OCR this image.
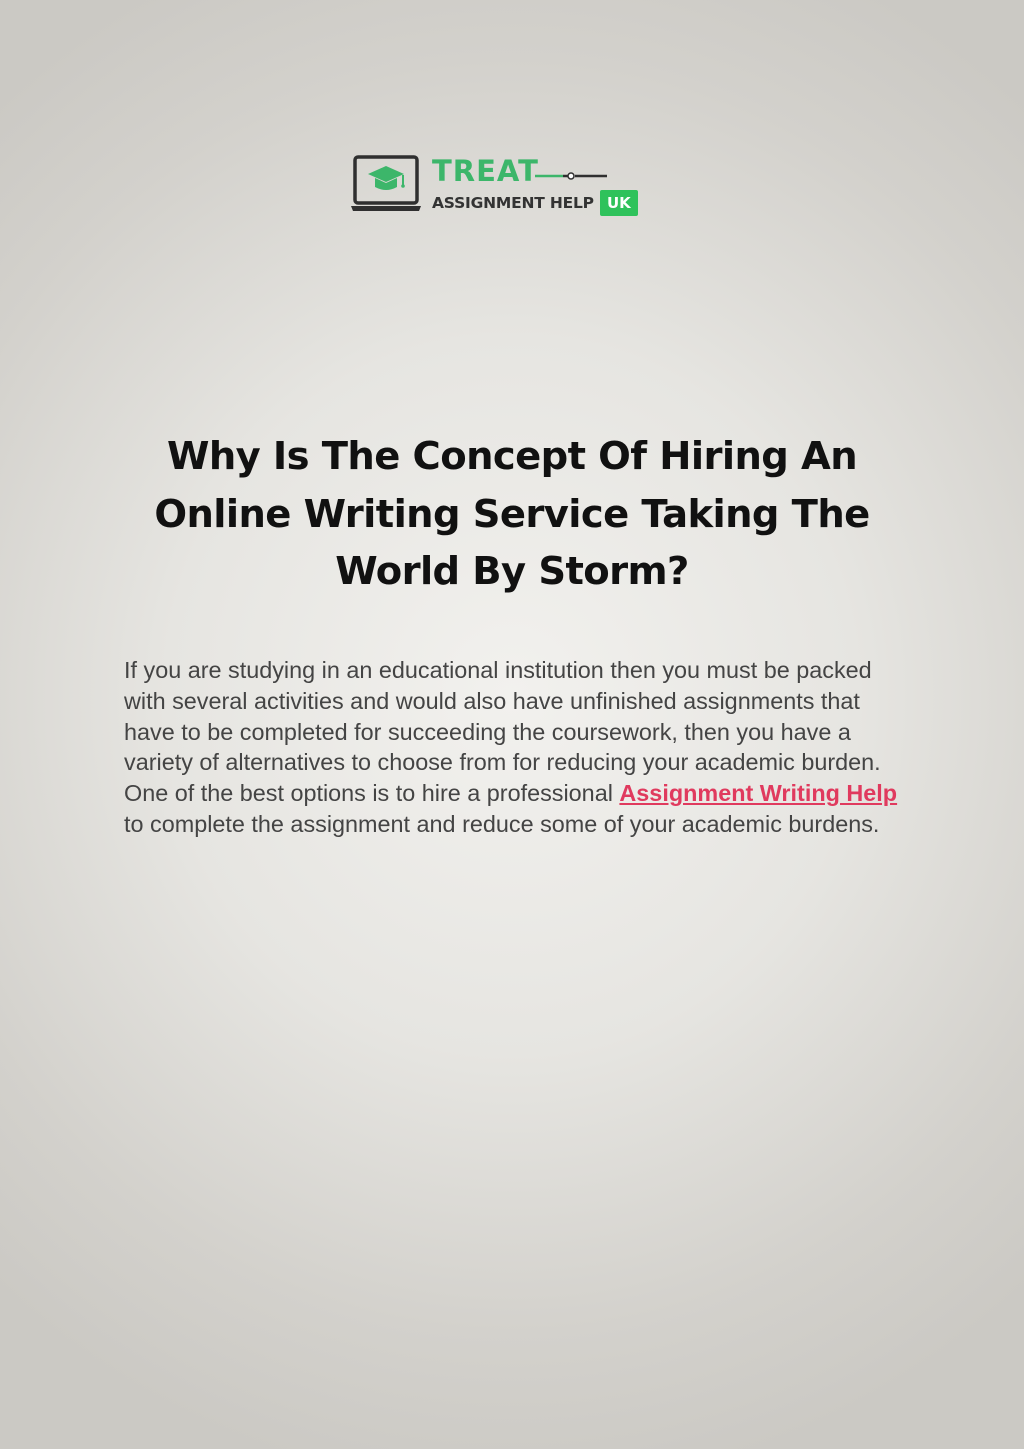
TREAT
ASSIGNMENT HELP UK
Why Is The Concept Of Hiring An
Online Writing Service Taking The
World By Storm?

If you are studying in an educational institution then you must be packed with several activities and would also have unfinished assignments that have to be completed for succeeding the coursework, then you have a variety of alternatives to choose from for reducing your academic burden. One of the best options is to hire a professional Assignment Writing Help to complete the assignment and reduce some of your academic burdens.
